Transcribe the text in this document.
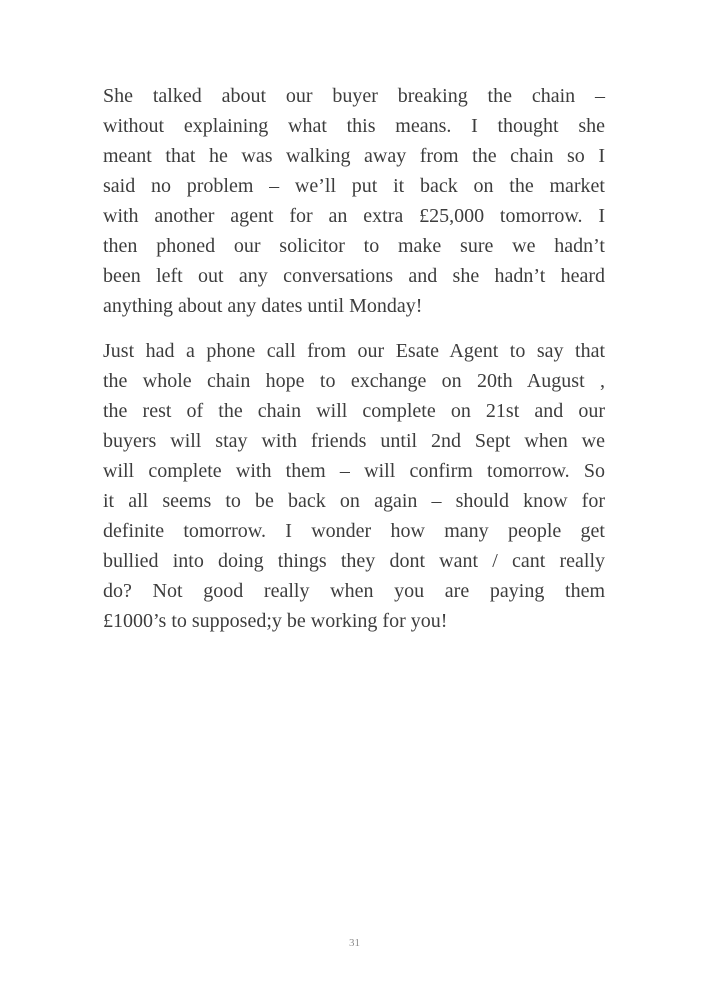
She talked about our buyer breaking the chain –
without explaining what this means. I thought she
meant that he was walking away from the chain so I
said no problem – we’ll put it back on the market
with another agent for an extra £25,000 tomorrow. I
then phoned our solicitor to make sure we hadn’t
been left out any conversations and she hadn’t heard
anything about any dates until Monday!
Just had a phone call from our Esate Agent to say that
the whole chain hope to exchange on 20th August ,
the rest of the chain will complete on 21st and our
buyers will stay with friends until 2nd Sept when we
will complete with them – will confirm tomorrow. So
it all seems to be back on again – should know for
definite tomorrow. I wonder how many people get
bullied into doing things they dont want / cant really
do? Not good really when you are paying them
£1000’s to supposed;y be working for you!
31
